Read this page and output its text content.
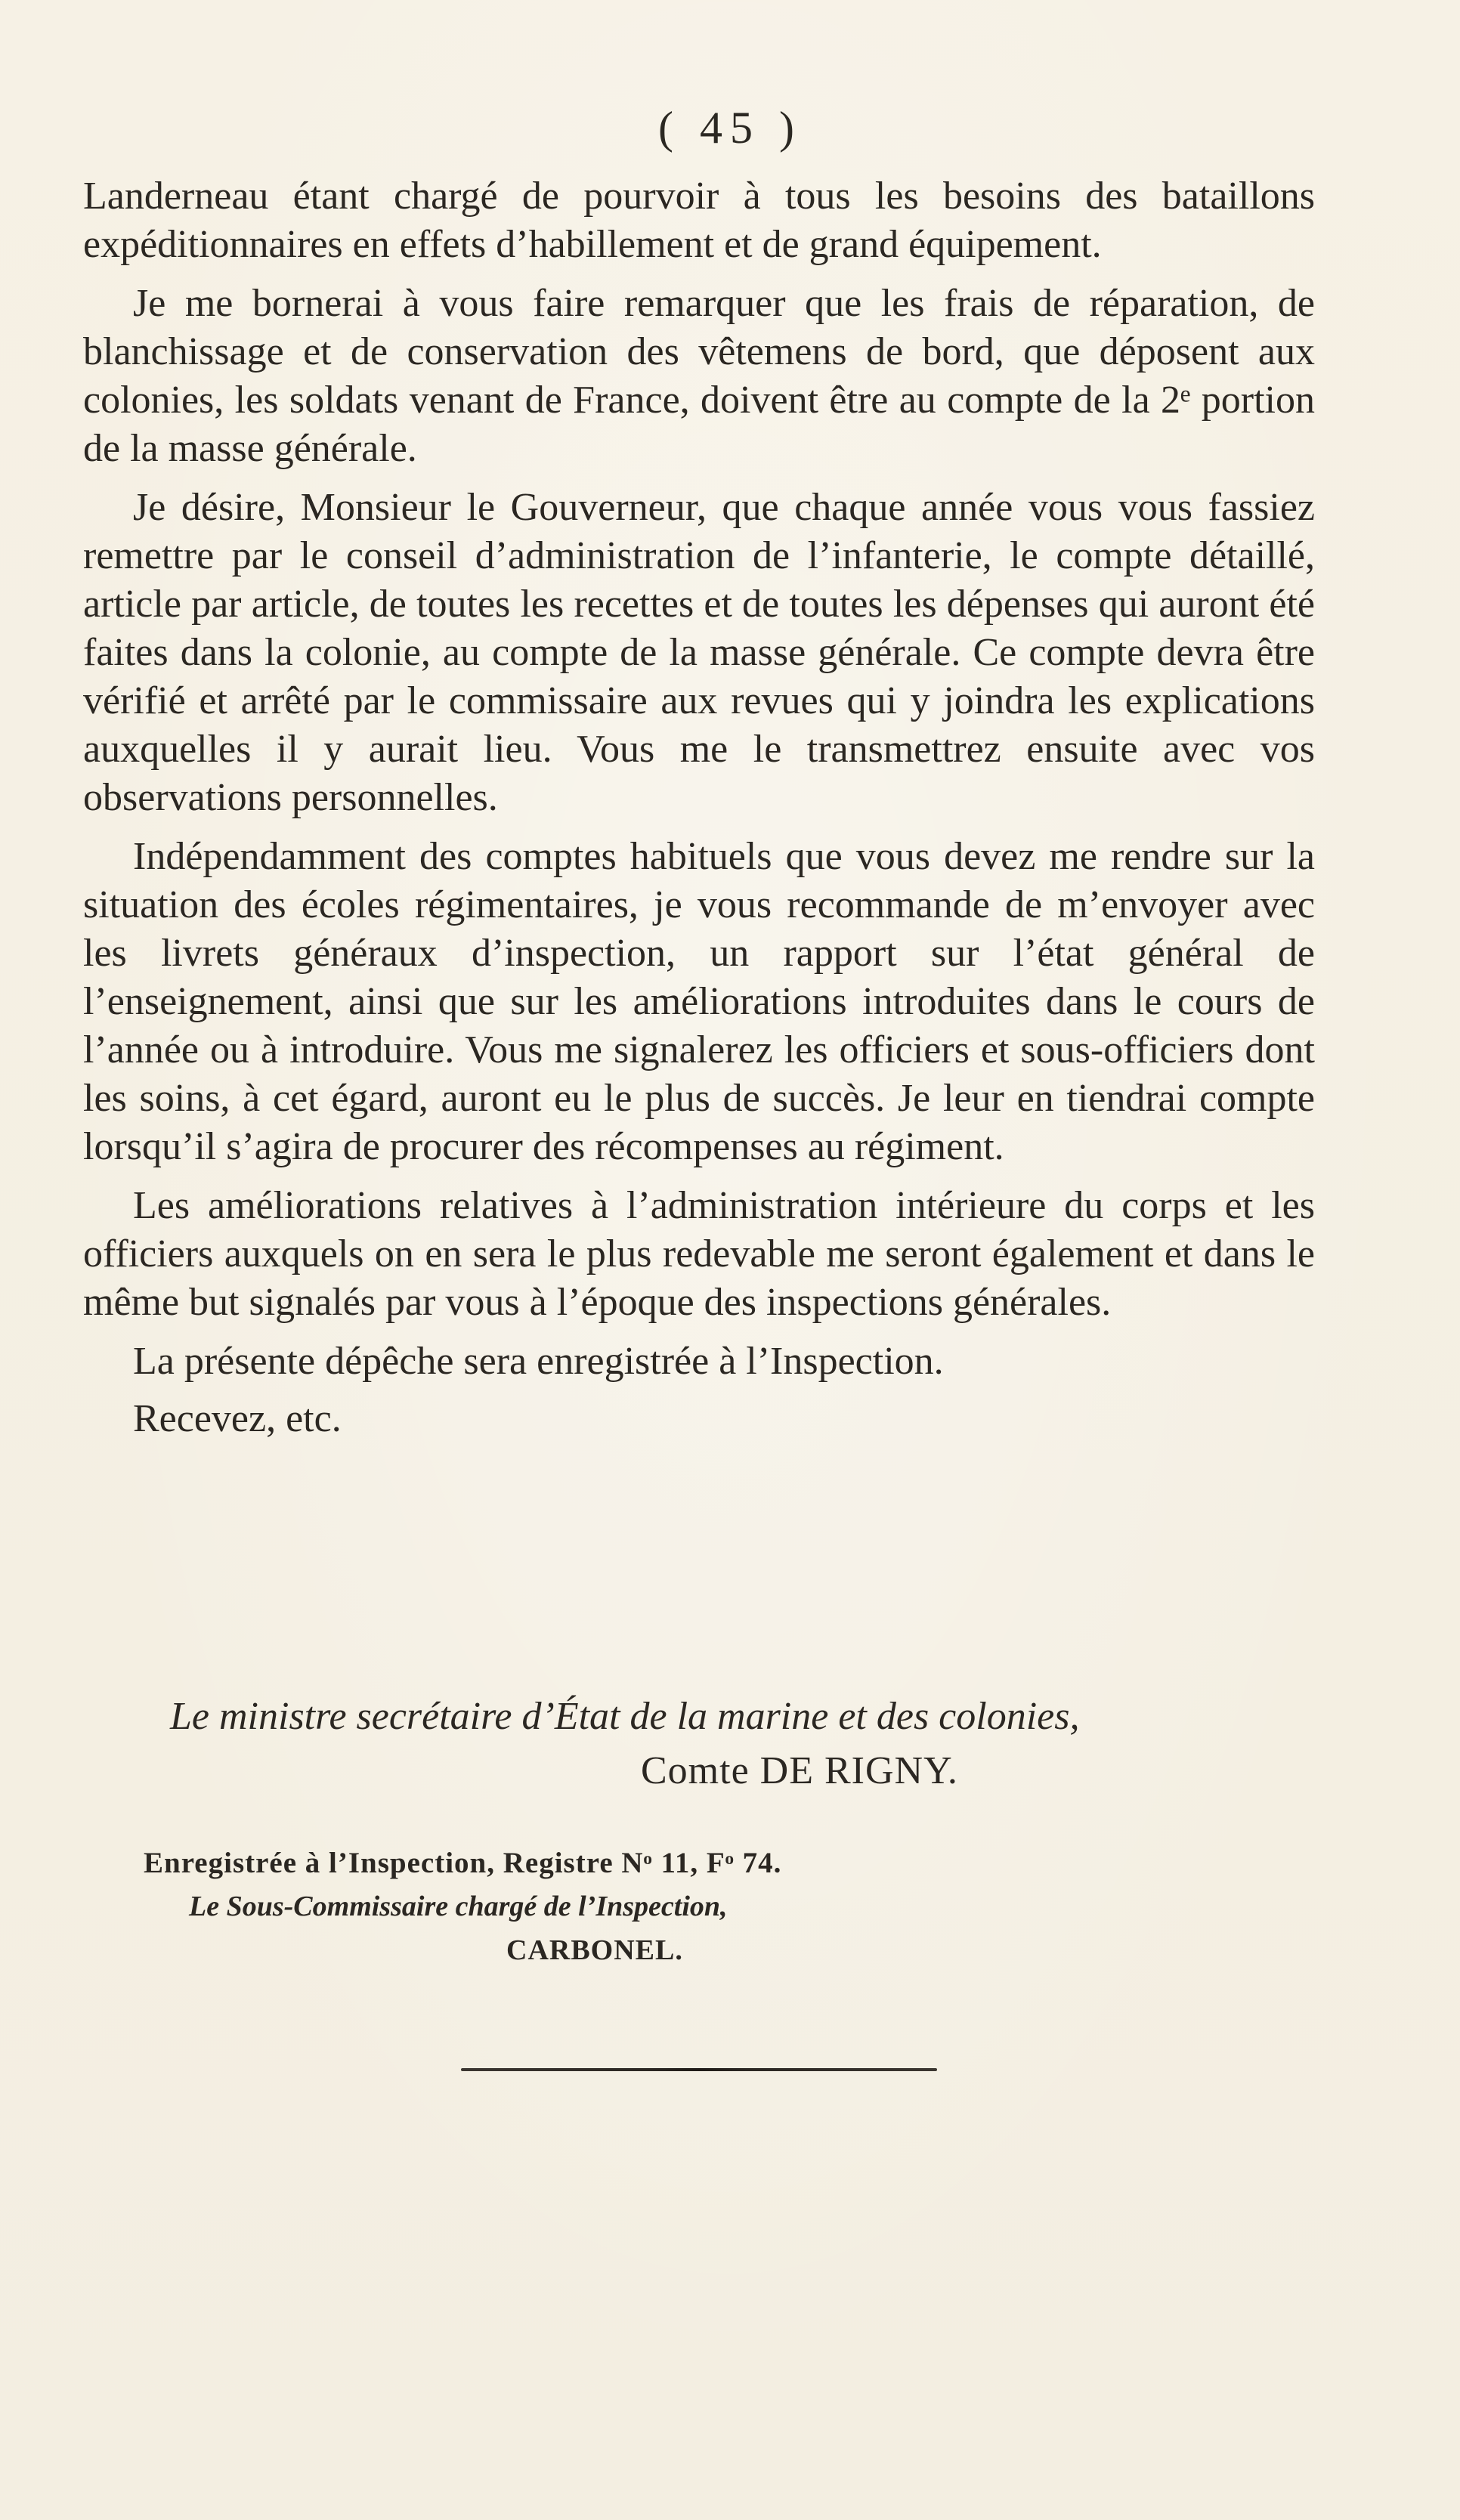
( 45 )

Landerneau étant chargé de pourvoir à tous les besoins des bataillons expéditionnaires en effets d’habillement et de grand équipement.

Je me bornerai à vous faire remarquer que les frais de réparation, de blanchissage et de conservation des vêtemens de bord, que déposent aux colonies, les soldats venant de France, doivent être au compte de la 2ᵉ portion de la masse générale.

Je désire, Monsieur le Gouverneur, que chaque année vous vous fassiez remettre par le conseil d’administration de l’infanterie, le compte détaillé, article par article, de toutes les recettes et de toutes les dépenses qui auront été faites dans la colonie, au compte de la masse générale. Ce compte devra être vérifié et arrêté par le commissaire aux revues qui y joindra les explications auxquelles il y aurait lieu. Vous me le transmettrez ensuite avec vos observations personnelles.

Indépendamment des comptes habituels que vous devez me rendre sur la situation des écoles régimentaires, je vous recommande de m’envoyer avec les livrets généraux d’inspection, un rapport sur l’état général de l’enseignement, ainsi que sur les améliorations introduites dans le cours de l’année ou à introduire. Vous me signalerez les officiers et sous-officiers dont les soins, à cet égard, auront eu le plus de succès. Je leur en tiendrai compte lorsqu’il s’agira de procurer des récompenses au régiment.

Les améliorations relatives à l’administration intérieure du corps et les officiers auxquels on en sera le plus redevable me seront également et dans le même but signalés par vous à l’époque des inspections générales.

La présente dépêche sera enregistrée à l’Inspection.

Recevez, etc.

Le ministre secrétaire d’État de la marine et des colonies,
Comte DE RIGNY.
Enregistrée à l’Inspection, Registre Nᵒ 11, Fᵒ 74.
Le Sous-Commissaire chargé de l’Inspection,
CARBONEL.
